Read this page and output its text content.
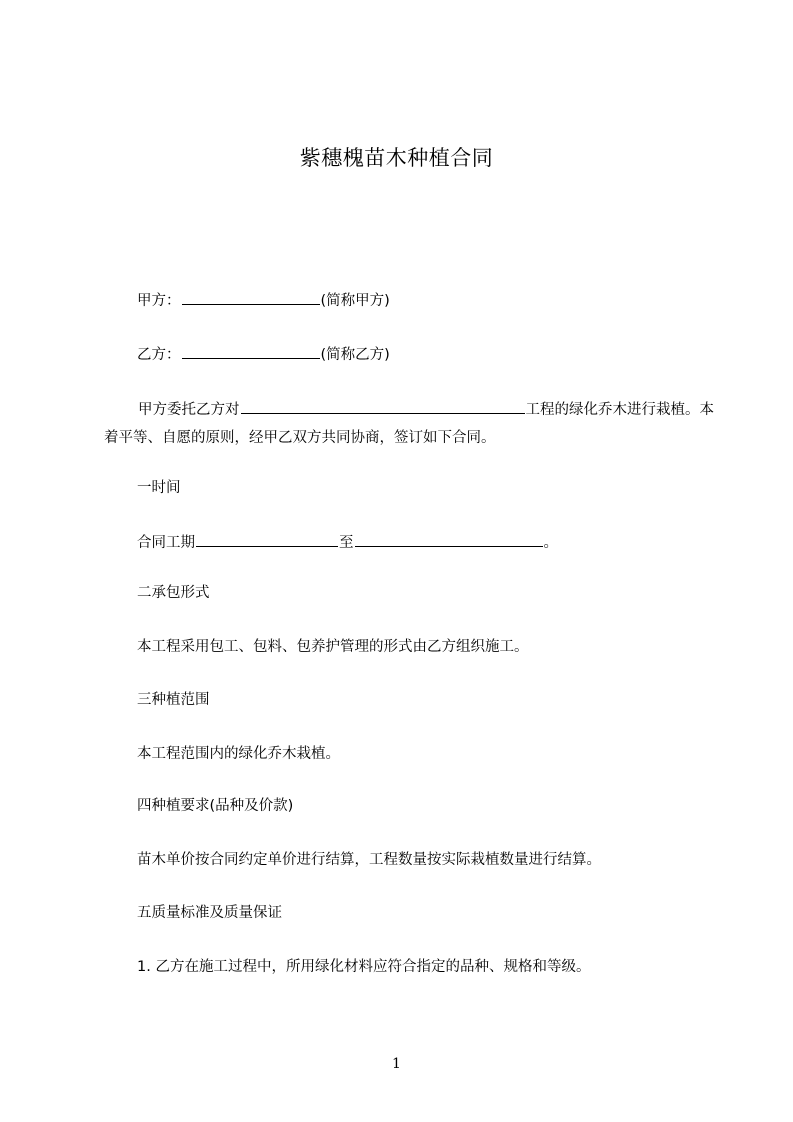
紫穗槐苗木种植合同
甲方：	(简称甲方)
乙方：	(简称乙方)
甲方委托乙方对	工程的绿化乔木进行栽植。本着平等、自愿的原则，经甲乙双方共同协商，签订如下合同。
一时间
合同工期	至	。
二承包形式
本工程采用包工、包料、包养护管理的形式由乙方组织施工。
三种植范围
本工程范围内的绿化乔木栽植。
四种植要求(品种及价款)
苗木单价按合同约定单价进行结算，工程数量按实际栽植数量进行结算。
五质量标准及质量保证
1. 乙方在施工过程中，所用绿化材料应符合指定的品种、规格和等级。
1
